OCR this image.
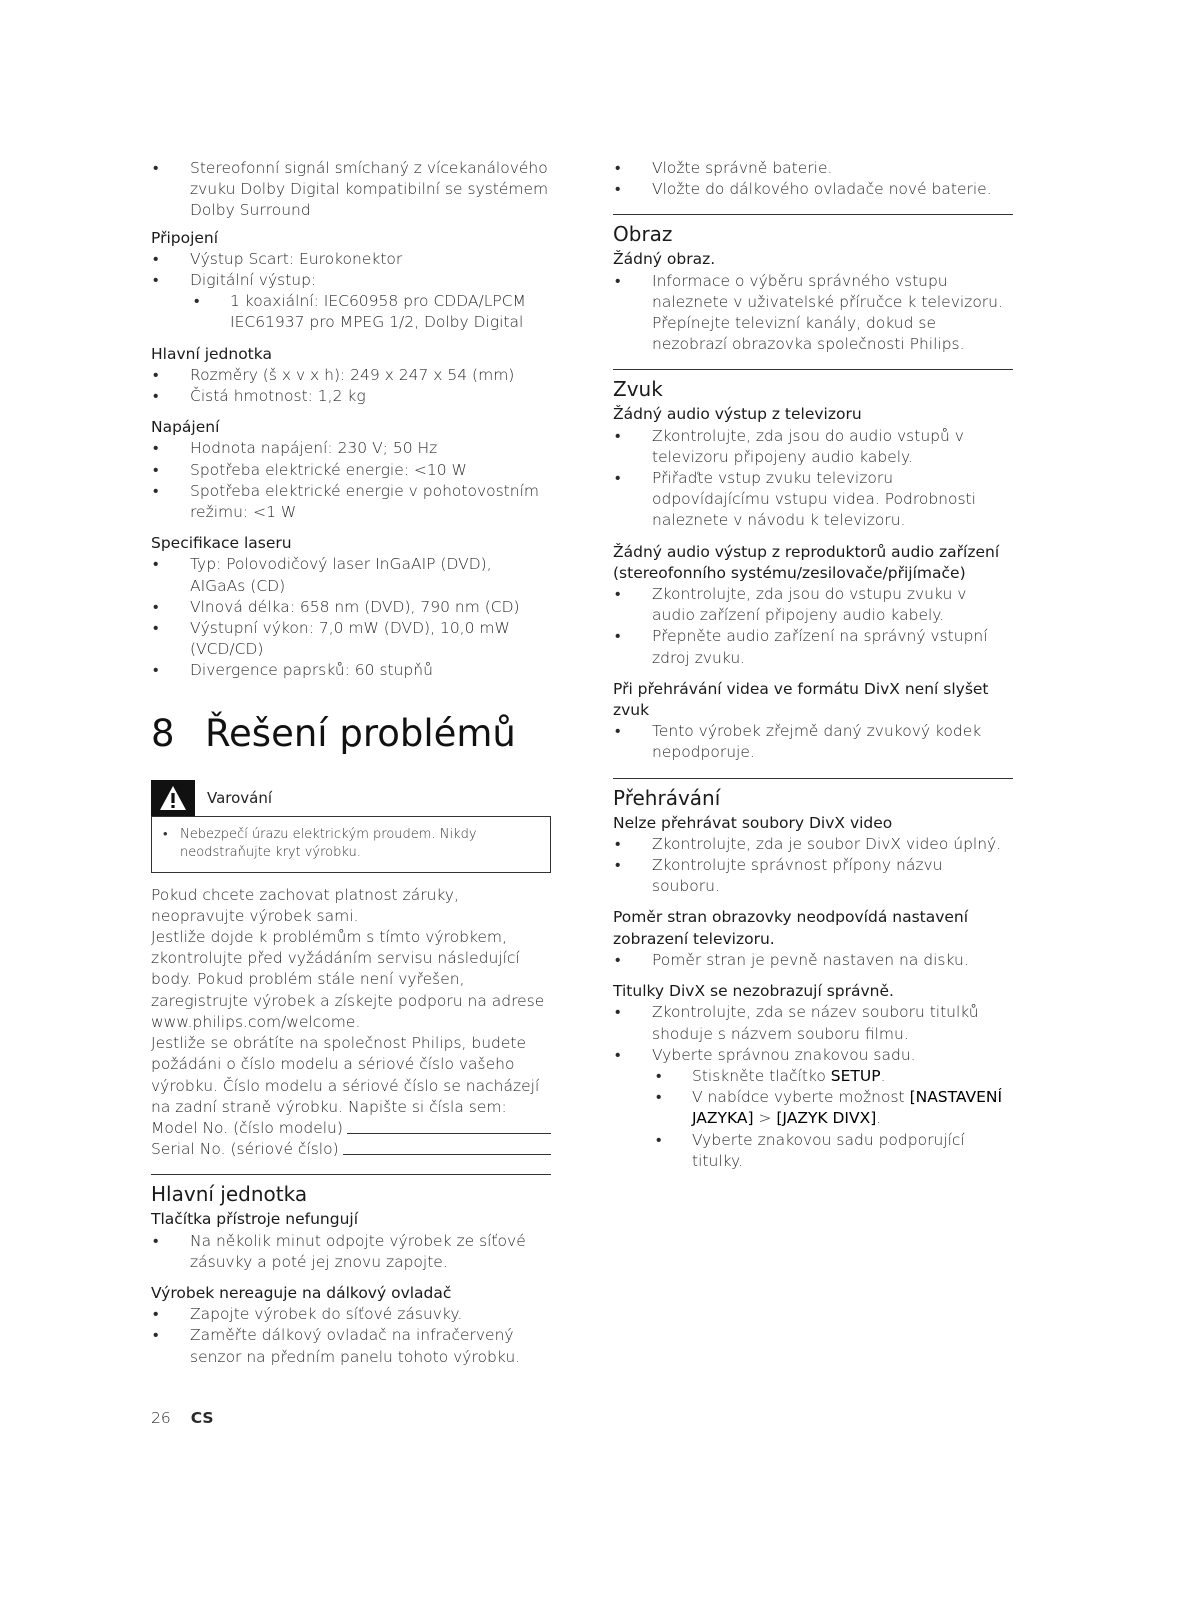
• Stereofonní signál smíchaný z vícekanálového zvuku Dolby Digital kompatibilní se systémem Dolby Surround

Připojení

• Výstup Scart: Eurokonektor

• Digitální výstup:

• 1 koaxiální: IEC60958 pro CDDA/LPCM IEC61937 pro MPEG 1/2, Dolby Digital

Hlavní jednotka

• Rozměry (š x v x h): 249 x 247 x 54 (mm)

• Čistá hmotnost: 1,2 kg

Napájení

• Hodnota napájení: 230 V; 50 Hz

• Spotřeba elektrické energie: <10 W

• Spotřeba elektrické energie v pohotovostním režimu: <1 W

Specifikace laseru

• Typ: Polovodičový laser InGaAIP (DVD), AIGaAs (CD)

• Vlnová délka: 658 nm (DVD), 790 nm (CD)

• Výstupní výkon: 7,0 mW (DVD), 10,0 mW (VCD/CD)

• Divergence paprsků: 60 stupňů

8 Řešení problémů
Varování
• Nebezpečí úrazu elektrickým proudem. Nikdy neodstraňujte kryt výrobku.

Pokud chcete zachovat platnost záruky, neopravujte výrobek sami.

Jestliže dojde k problémům s tímto výrobkem, zkontrolujte před vyžádáním servisu následující body. Pokud problém stále není vyřešen, zaregistrujte výrobek a získejte podporu na adrese www.philips.com/welcome.

Jestliže se obrátíte na společnost Philips, budete požádáni o číslo modelu a sériové číslo vašeho výrobku. Číslo modelu a sériové číslo se nacházejí na zadní straně výrobku. Napište si čísla sem:

Model No. (číslo modelu)
Serial No. (sériové číslo)
Hlavní jednotka

Tlačítka přístroje nefungují

• Na několik minut odpojte výrobek ze síťové zásuvky a poté jej znovu zapojte.

Výrobek nereaguje na dálkový ovladač

• Zapojte výrobek do síťové zásuvky.

• Zaměřte dálkový ovladač na infračervený senzor na předním panelu tohoto výrobku.

• Vložte správně baterie.

• Vložte do dálkového ovladače nové baterie.

Obraz

Žádný obraz.

• Informace o výběru správného vstupu naleznete v uživatelské příručce k televizoru. Přepínejte televizní kanály, dokud se nezobrazí obrazovka společnosti Philips.

Zvuk

Žádný audio výstup z televizoru

• Zkontrolujte, zda jsou do audio vstupů v televizoru připojeny audio kabely.

• Přiřaďte vstup zvuku televizoru odpovídajícímu vstupu videa. Podrobnosti naleznete v návodu k televizoru.

Žádný audio výstup z reproduktorů audio zařízení (stereofonního systému/zesilovače/přijímače)

• Zkontrolujte, zda jsou do vstupu zvuku v audio zařízení připojeny audio kabely.

• Přepněte audio zařízení na správný vstupní zdroj zvuku.

Při přehrávání videa ve formátu DivX není slyšet zvuk

• Tento výrobek zřejmě daný zvukový kodek nepodporuje.

Přehrávání

Nelze přehrávat soubory DivX video

• Zkontrolujte, zda je soubor DivX video úplný.

• Zkontrolujte správnost přípony názvu souboru.

Poměr stran obrazovky neodpovídá nastavení zobrazení televizoru.

• Poměr stran je pevně nastaven na disku.

Titulky DivX se nezobrazují správně.

• Zkontrolujte, zda se název souboru titulků shoduje s názvem souboru filmu.

• Vyberte správnou znakovou sadu.

• Stiskněte tlačítko SETUP.

• V nabídce vyberte možnost [NASTAVENÍ JAZYKA] > [JAZYK DIVX].

• Vyberte znakovou sadu podporující titulky.

26 CS
